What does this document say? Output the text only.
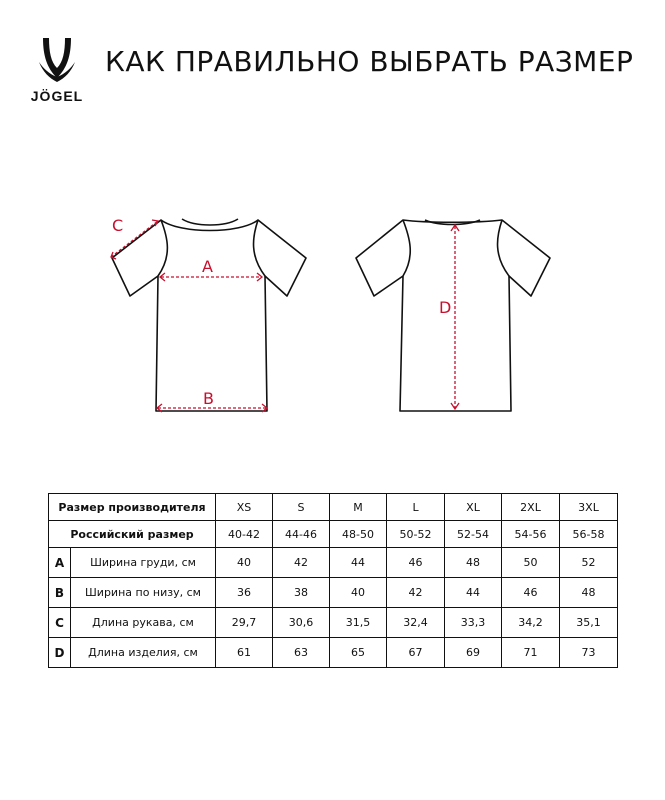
JÖGEL
КАК ПРАВИЛЬНО ВЫБРАТЬ РАЗМЕР
A
B
C
D
Размер производителя		XS	S	M	L	XL	2XL	3XL
Российский размер		40-42	44-46	48-50	50-52	52-54	54-56	56-58
A	Ширина груди, см	40	42	44	46	48	50	52
B	Ширина по низу, см	36	38	40	42	44	46	48
C	Длина рукава, см	29,7	30,6	31,5	32,4	33,3	34,2	35,1
D	Длина изделия, см	61	63	65	67	69	71	73
